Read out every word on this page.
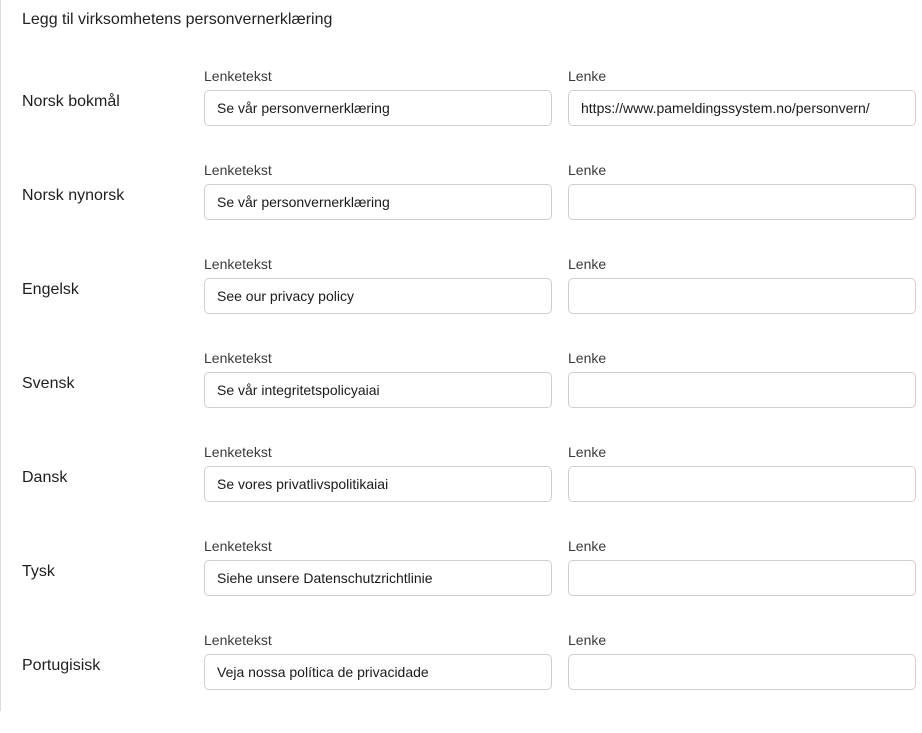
Legg til virksomhetens personvernerklæring
Norsk bokmål
Lenketekst	Lenke
Se vår personvernerklæring	https://www.pameldingssystem.no/personvern/
Norsk nynorsk
Lenketekst	Lenke
Se vår personvernerklæring
Engelsk
Lenketekst	Lenke
See our privacy policy
Svensk
Lenketekst	Lenke
Se vår integritetspolicyaiai
Dansk
Lenketekst	Lenke
Se vores privatlivspolitikaiai
Tysk
Lenketekst	Lenke
Siehe unsere Datenschutzrichtlinie
Portugisisk
Lenketekst	Lenke
Veja nossa política de privacidade
